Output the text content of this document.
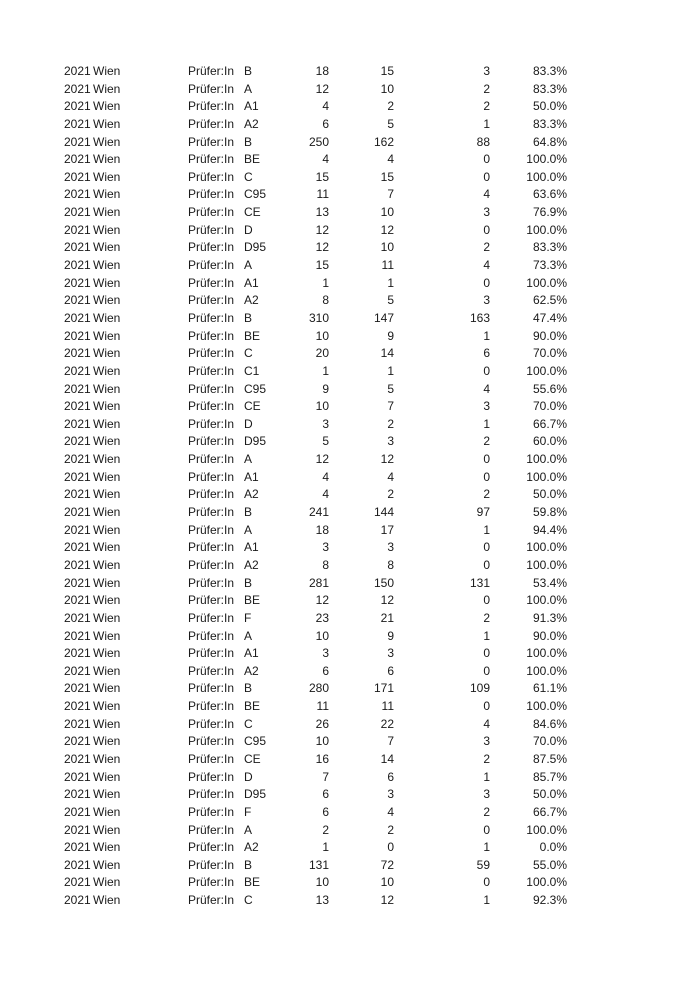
2021 Wien	Prüfer:In B	18	15	3	83.3%
2021 Wien	Prüfer:In A	12	10	2	83.3%
2021 Wien	Prüfer:In A1	4	2	2	50.0%
2021 Wien	Prüfer:In A2	6	5	1	83.3%
2021 Wien	Prüfer:In B	250	162	88	64.8%
2021 Wien	Prüfer:In BE	4	4	0	100.0%
2021 Wien	Prüfer:In C	15	15	0	100.0%
2021 Wien	Prüfer:In C95	11	7	4	63.6%
2021 Wien	Prüfer:In CE	13	10	3	76.9%
2021 Wien	Prüfer:In D	12	12	0	100.0%
2021 Wien	Prüfer:In D95	12	10	2	83.3%
2021 Wien	Prüfer:In A	15	11	4	73.3%
2021 Wien	Prüfer:In A1	1	1	0	100.0%
2021 Wien	Prüfer:In A2	8	5	3	62.5%
2021 Wien	Prüfer:In B	310	147	163	47.4%
2021 Wien	Prüfer:In BE	10	9	1	90.0%
2021 Wien	Prüfer:In C	20	14	6	70.0%
2021 Wien	Prüfer:In C1	1	1	0	100.0%
2021 Wien	Prüfer:In C95	9	5	4	55.6%
2021 Wien	Prüfer:In CE	10	7	3	70.0%
2021 Wien	Prüfer:In D	3	2	1	66.7%
2021 Wien	Prüfer:In D95	5	3	2	60.0%
2021 Wien	Prüfer:In A	12	12	0	100.0%
2021 Wien	Prüfer:In A1	4	4	0	100.0%
2021 Wien	Prüfer:In A2	4	2	2	50.0%
2021 Wien	Prüfer:In B	241	144	97	59.8%
2021 Wien	Prüfer:In A	18	17	1	94.4%
2021 Wien	Prüfer:In A1	3	3	0	100.0%
2021 Wien	Prüfer:In A2	8	8	0	100.0%
2021 Wien	Prüfer:In B	281	150	131	53.4%
2021 Wien	Prüfer:In BE	12	12	0	100.0%
2021 Wien	Prüfer:In F	23	21	2	91.3%
2021 Wien	Prüfer:In A	10	9	1	90.0%
2021 Wien	Prüfer:In A1	3	3	0	100.0%
2021 Wien	Prüfer:In A2	6	6	0	100.0%
2021 Wien	Prüfer:In B	280	171	109	61.1%
2021 Wien	Prüfer:In BE	11	11	0	100.0%
2021 Wien	Prüfer:In C	26	22	4	84.6%
2021 Wien	Prüfer:In C95	10	7	3	70.0%
2021 Wien	Prüfer:In CE	16	14	2	87.5%
2021 Wien	Prüfer:In D	7	6	1	85.7%
2021 Wien	Prüfer:In D95	6	3	3	50.0%
2021 Wien	Prüfer:In F	6	4	2	66.7%
2021 Wien	Prüfer:In A	2	2	0	100.0%
2021 Wien	Prüfer:In A2	1	0	1	0.0%
2021 Wien	Prüfer:In B	131	72	59	55.0%
2021 Wien	Prüfer:In BE	10	10	0	100.0%
2021 Wien	Prüfer:In C	13	12	1	92.3%
